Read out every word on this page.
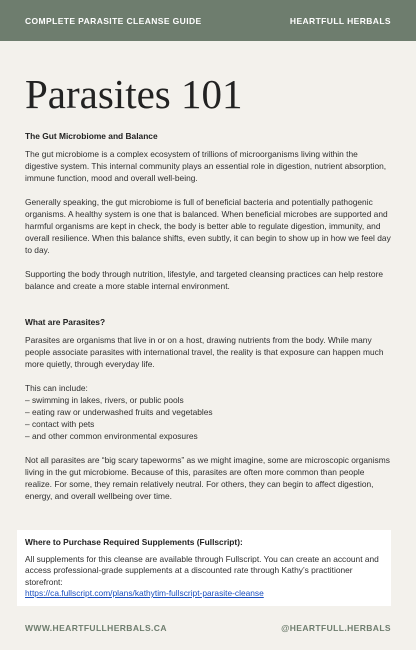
COMPLETE PARASITE CLEANSE GUIDE	HEARTFULL HERBALS
Parasites 101
The Gut Microbiome and Balance

The gut microbiome is a complex ecosystem of trillions of microorganisms living within the digestive system. This internal community plays an essential role in digestion, nutrient absorption, immune function, mood and overall well-being.

Generally speaking, the gut microbiome is full of beneficial bacteria and potentially pathogenic organisms. A healthy system is one that is balanced. When beneficial microbes are supported and harmful organisms are kept in check, the body is better able to regulate digestion, immunity, and overall resilience. When this balance shifts, even subtly, it can begin to show up in how we feel day to day.

Supporting the body through nutrition, lifestyle, and targeted cleansing practices can help restore balance and create a more stable internal environment.

What are Parasites?

Parasites are organisms that live in or on a host, drawing nutrients from the body. While many people associate parasites with international travel, the reality is that exposure can happen much more quietly, through everyday life.

This can include:
– swimming in lakes, rivers, or public pools
– eating raw or underwashed fruits and vegetables
– contact with pets
– and other common environmental exposures

Not all parasites are “big scary tapeworms” as we might imagine, some are microscopic organisms living in the gut microbiome. Because of this, parasites are often more common than people realize. For some, they remain relatively neutral. For others, they can begin to affect digestion, energy, and overall wellbeing over time.

Where to Purchase Required Supplements (Fullscript):

All supplements for this cleanse are available through Fullscript. You can create an account and access professional-grade supplements at a discounted rate through Kathy’s practitioner storefront:

https://ca.fullscript.com/plans/kathytim-fullscript-parasite-cleanse
WWW.HEARTFULLHERBALS.CA	@HEARTFULL.HERBALS
